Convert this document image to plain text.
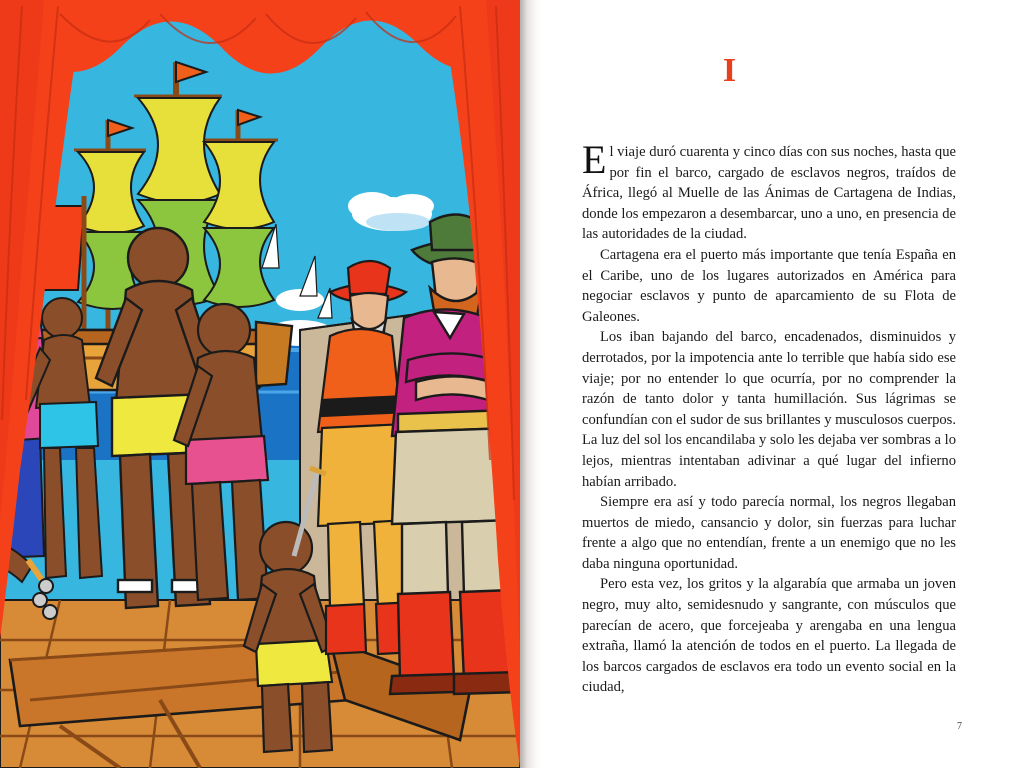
I

El viaje duró cuarenta y cinco días con sus noches, hasta que por fin el barco, cargado de esclavos negros, traídos de África, llegó al Muelle de las Ánimas de Cartagena de Indias, donde los empezaron a desembarcar, uno a uno, en presencia de las autoridades de la ciudad.

Cartagena era el puerto más importante que tenía España en el Caribe, uno de los lugares autorizados en América para negociar esclavos y punto de aparcamiento de su Flota de Galeones.

Los iban bajando del barco, encadenados, disminuidos y derrotados, por la impotencia ante lo terrible que había sido ese viaje; por no entender lo que ocurría, por no comprender la razón de tanto dolor y tanta humillación. Sus lágrimas se confundían con el sudor de sus brillantes y musculosos cuerpos. La luz del sol los encandilaba y solo les dejaba ver sombras a lo lejos, mientras intentaban adivinar a qué lugar del infierno habían arribado.

Siempre era así y todo parecía normal, los negros llegaban muertos de miedo, cansancio y dolor, sin fuerzas para luchar frente a algo que no entendían, frente a un enemigo que no les daba ninguna oportunidad.

Pero esta vez, los gritos y la algarabía que armaba un joven negro, muy alto, semidesnudo y sangrante, con músculos que parecían de acero, que forcejeaba y arengaba en una lengua extraña, llamó la atención de todos en el puerto. La llegada de los barcos cargados de esclavos era todo un evento social en la ciudad,

7
